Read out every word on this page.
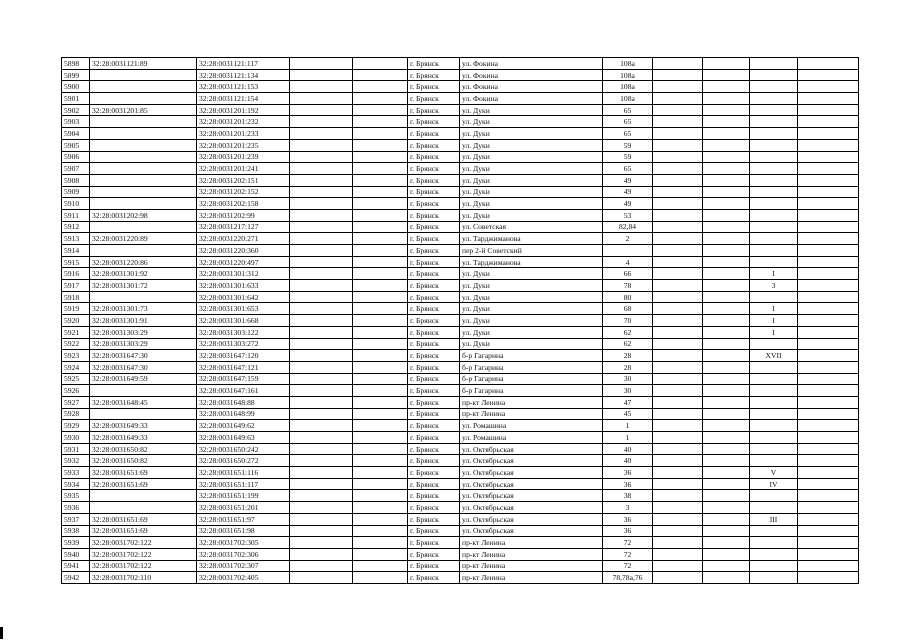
5898	32:28:0031121:89	32:28:0031121:117			г. Брянск	ул. Фокина	108а				
5899		32:28:0031121:134			г. Брянск	ул. Фокина	108а				
5900		32:28:0031121:153			г. Брянск	ул. Фокина	108а				
5901		32:28:0031121:154			г. Брянск	ул. Фокина	108а				
5902	32:28:0031201:85	32:28:0031201:192			г. Брянск	ул. Дуки	65				
5903		32:28:0031201:232			г. Брянск	ул. Дуки	65				
5904		32:28:0031201:233			г. Брянск	ул. Дуки	65				
5905		32:28:0031201:235			г. Брянск	ул. Дуки	59				
5906		32:28:0031201:239			г. Брянск	ул. Дуки	59				
5907		32:28:0031201:241			г. Брянск	ул. Дуки	65				
5908		32:28:0031202:151			г. Брянск	ул. Дуки	49				
5909		32:28:0031202:152			г. Брянск	ул. Дуки	49				
5910		32:28:0031202:158			г. Брянск	ул. Дуки	49				
5911	32:28:0031202:98	32:28:0031202:99			г. Брянск	ул. Дуки	53				
5912		32:28:0031217:127			г. Брянск	ул. Советская	82,84				
5913	32:28:0031220:89	32:28:0031220:271			г. Брянск	ул. Тарджиманова	2				
5914		32:28:0031220:360			г. Брянск	пер 2-й Советский					
5915	32:28:0031220:86	32:28:0031220:497			г. Брянск	ул. Тарджиманова	4				
5916	32:28:0031301:92	32:28:0031301:312			г. Брянск	ул. Дуки	66			I	
5917	32:28:0031301:72	32:28:0031301:633			г. Брянск	ул. Дуки	78			3	
5918		32:28:0031301:642			г. Брянск	ул. Дуки	80				
5919	32:28:0031301:73	32:28:0031301:653			г. Брянск	ул. Дуки	68			I	
5920	32:28:0031301:91	32:28:0031301:668			г. Брянск	ул. Дуки	70			I	
5921	32:28:0031303:29	32:28:0031303:122			г. Брянск	ул. Дуки	62			I	
5922	32:28:0031303:29	32:28:0031303:272			г. Брянск	ул. Дуки	62				
5923	32:28:0031647:30	32:28:0031647:120			г. Брянск	б-р Гагарина	28			XVII	
5924	32:28:0031647:30	32:28:0031647:121			г. Брянск	б-р Гагарина	28				
5925	32:28:0031649:59	32:28:0031647:159			г. Брянск	б-р Гагарина	30				
5926		32:28:0031647:161			г. Брянск	б-р Гагарина	30				
5927	32:28:0031648:45	32:28:0031648:88			г. Брянск	пр-кт Ленина	47				
5928		32:28:0031648:99			г. Брянск	пр-кт Ленина	45				
5929	32:28:0031649:33	32:28:0031649:62			г. Брянск	ул. Ромашина	1				
5930	32:28:0031649:33	32:28:0031649:63			г. Брянск	ул. Ромашина	1				
5931	32:28:0031650:82	32:28:0031650:242			г. Брянск	ул. Октябрьская	40				
5932	32:28:0031650:82	32:28:0031650:272			г. Брянск	ул. Октябрьская	40				
5933	32:28:0031651:69	32:28:0031651:116			г. Брянск	ул. Октябрьская	36			V	
5934	32:28:0031651:69	32:28:0031651:117			г. Брянск	ул. Октябрьская	36			IV	
5935		32:28:0031651:199			г. Брянск	ул. Октябрьская	38				
5936		32:28:0031651:201			г. Брянск	ул. Октябрьская	3				
5937	32:28:0031651:69	32:28:0031651:97			г. Брянск	ул. Октябрьская	36			III	
5938	32:28:0031651:69	32:28:0031651:98			г. Брянск	ул. Октябрьская	36				
5939	32:28:0031702:122	32:28:0031702:305			г. Брянск	пр-кт Ленина	72				
5940	32:28:0031702:122	32:28:0031702:306			г. Брянск	пр-кт Ленина	72				
5941	32:28:0031702:122	32:28:0031702:307			г. Брянск	пр-кт Ленина	72				
5942	32:28:0031702:110	32:28:0031702:405			г. Брянск	пр-кт Ленина	78,78а,76				
